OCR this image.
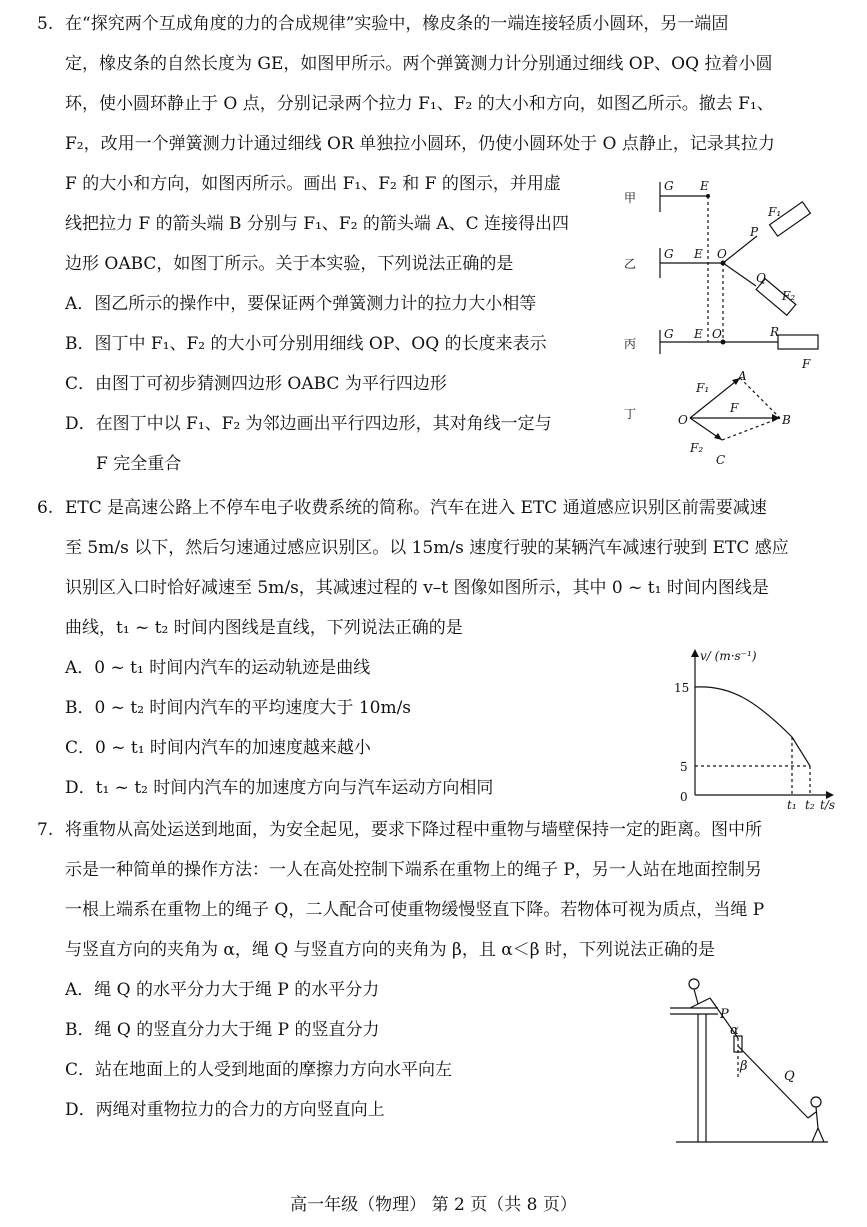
5. 在“探究两个互成角度的力的合成规律”实验中，橡皮条的一端连接轻质小圆环，另一端固
定，橡皮条的自然长度为 GE，如图甲所示。两个弹簧测力计分别通过细线 OP、OQ 拉着小圆
环，使小圆环静止于 O 点，分别记录两个拉力 F₁、F₂ 的大小和方向，如图乙所示。撤去 F₁、
F₂，改用一个弹簧测力计通过细线 OR 单独拉小圆环，仍使小圆环处于 O 点静止，记录其拉力
F 的大小和方向，如图丙所示。画出 F₁、F₂ 和 F 的图示，并用虚
线把拉力 F 的箭头端 B 分别与 F₁、F₂ 的箭头端 A、C 连接得出四
边形 OABC，如图丁所示。关于本实验，下列说法正确的是
A．图乙所示的操作中，要保证两个弹簧测力计的拉力大小相等
B．图丁中 F₁、F₂ 的大小可分别用细线 OP、OQ 的长度来表示
C．由图丁可初步猜测四边形 OABC 为平行四边形
D．在图丁中以 F₁、F₂ 为邻边画出平行四边形，其对角线一定与
F 完全重合
甲
G E
乙
G E O
P
F₁
Q
F₂
丙
G E O	R
F
丁	O
F₁
A
F
B
F₂
C
6. ETC 是高速公路上不停车电子收费系统的简称。汽车在进入 ETC 通道感应识别区前需要减速
至 5m/s 以下，然后匀速通过感应识别区。以 15m/s 速度行驶的某辆汽车减速行驶到 ETC 感应
识别区入口时恰好减速至 5m/s，其减速过程的 v–t 图像如图所示，其中 0 ~ t₁ 时间内图线是
曲线，t₁ ~ t₂ 时间内图线是直线，下列说法正确的是
A．0 ~ t₁ 时间内汽车的运动轨迹是曲线
B．0 ~ t₂ 时间内汽车的平均速度大于 10m/s
C．0 ~ t₁ 时间内汽车的加速度越来越小
D．t₁ ~ t₂ 时间内汽车的加速度方向与汽车运动方向相同
v/ (m·s⁻¹)
15
5
0
t₁ t₂ t/s
7. 将重物从高处运送到地面，为安全起见，要求下降过程中重物与墙壁保持一定的距离。图中所
示是一种简单的操作方法：一人在高处控制下端系在重物上的绳子 P，另一人站在地面控制另
一根上端系在重物上的绳子 Q，二人配合可使重物缓慢竖直下降。若物体可视为质点，当绳 P
与竖直方向的夹角为 α，绳 Q 与竖直方向的夹角为 β，且 α＜β 时，下列说法正确的是
A．绳 Q 的水平分力大于绳 P 的水平分力
B．绳 Q 的竖直分力大于绳 P 的竖直分力
C．站在地面上的人受到地面的摩擦力方向水平向左
D．两绳对重物拉力的合力的方向竖直向上
P
α
β
Q
高一年级（物理） 第 2 页（共 8 页）
